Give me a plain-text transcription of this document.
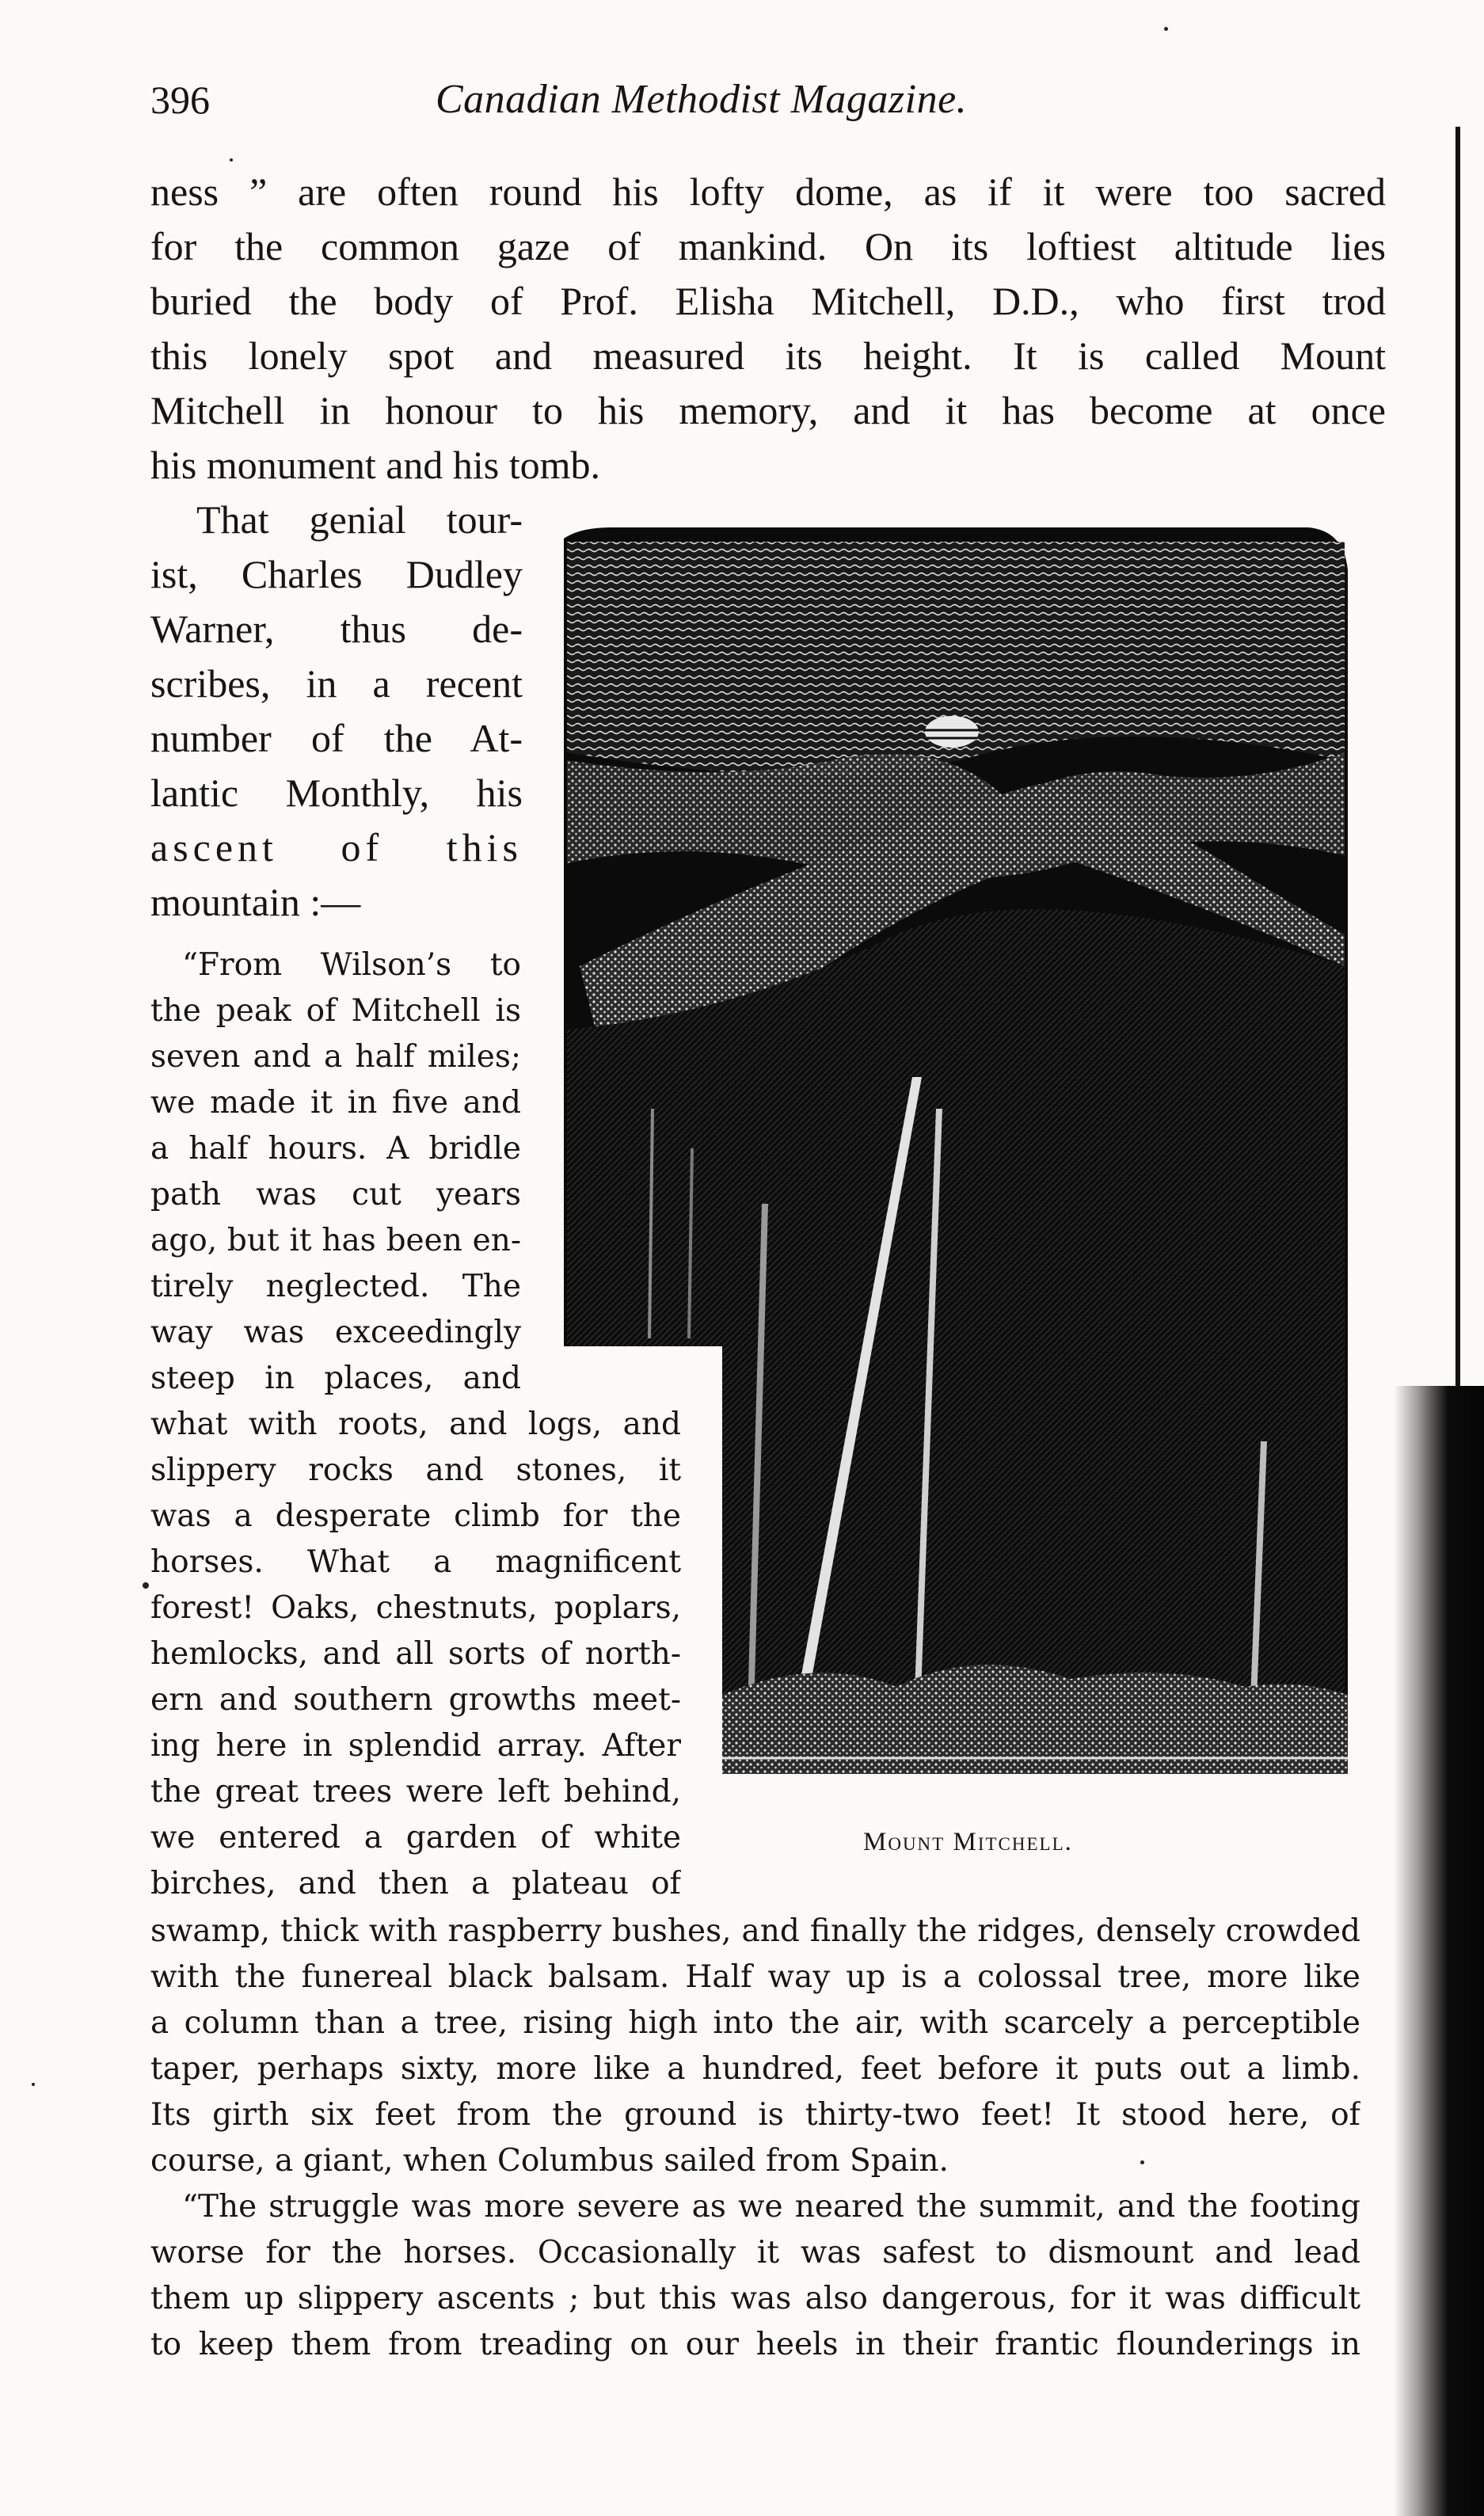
396	Canadian Methodist Magazine.
ness ” are often round his lofty dome, as if it were too sacred
for the common gaze of mankind. On its loftiest altitude lies
buried the body of Prof. Elisha Mitchell, D.D., who first trod
this lonely spot and measured its height. It is called Mount
Mitchell in honour to his memory, and it has become at once
his monument and his tomb.
That genial tour-
ist, Charles Dudley
Warner, thus de-
scribes, in a recent
number of the At-
lantic Monthly, his
ascent of this
mountain :—
“From Wilson’s to
the peak of Mitchell is
seven and a half miles;
we made it in five and
a half hours. A bridle
path was cut years
ago, but it has been en-
tirely neglected. The
way was exceedingly
steep in places, and
what with roots, and logs, and
slippery rocks and stones, it
was a desperate climb for the
horses. What a magnificent
forest! Oaks, chestnuts, poplars,
hemlocks, and all sorts of north-
ern and southern growths meet-
ing here in splendid array. After
the great trees were left behind,
we entered a garden of white
birches, and then a plateau of
swamp, thick with raspberry bushes, and finally the ridges, densely crowded
with the funereal black balsam. Half way up is a colossal tree, more like
a column than a tree, rising high into the air, with scarcely a perceptible
taper, perhaps sixty, more like a hundred, feet before it puts out a limb.
Its girth six feet from the ground is thirty-two feet! It stood here, of
course, a giant, when Columbus sailed from Spain.
“The struggle was more severe as we neared the summit, and the footing
worse for the horses. Occasionally it was safest to dismount and lead
them up slippery ascents ; but this was also dangerous, for it was difficult
to keep them from treading on our heels in their frantic flounderings in
Mount Mitchell.
